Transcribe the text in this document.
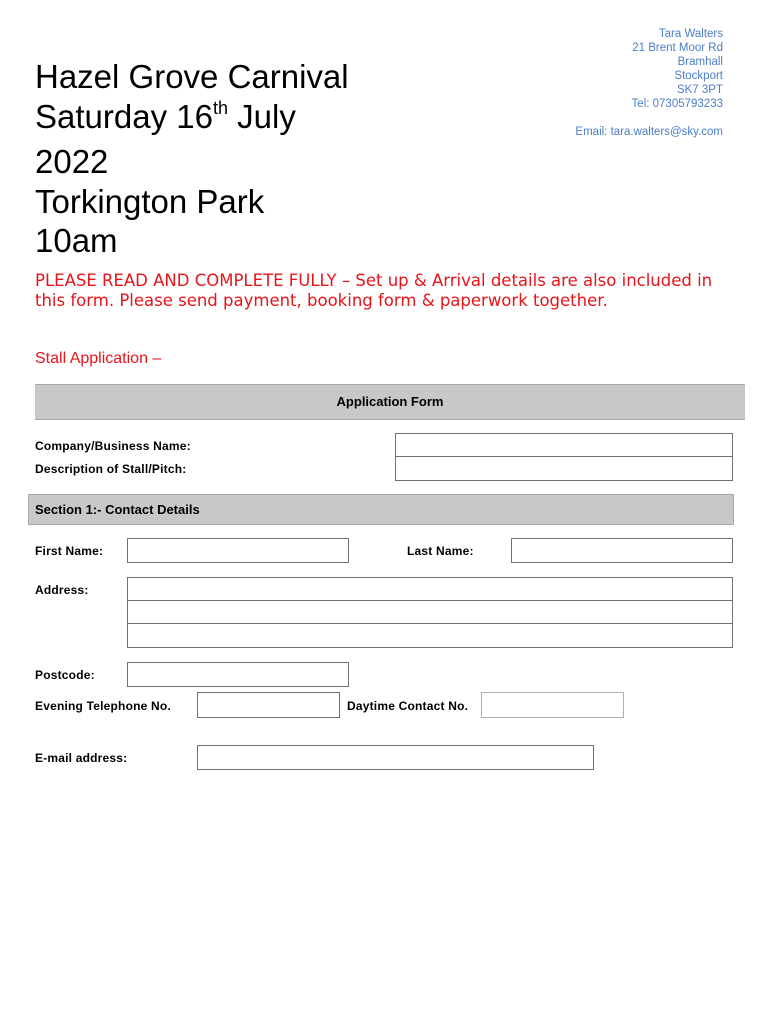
Tara Walters
21 Brent Moor Rd
Bramhall
Stockport
SK7 3PT
Tel: 07305793233
Email: tara.walters@sky.com
Hazel Grove Carnival
Saturday 16th July
2022
Torkington Park
10am
PLEASE READ AND COMPLETE FULLY – Set up & Arrival details are also included in this form. Please send payment, booking form & paperwork together.
Stall Application –
Application Form
Company/Business Name:
Description of Stall/Pitch:
Section 1:- Contact Details
First Name:	Last Name:
Address:
Postcode:
Evening Telephone No.	Daytime Contact No.
E-mail address:
